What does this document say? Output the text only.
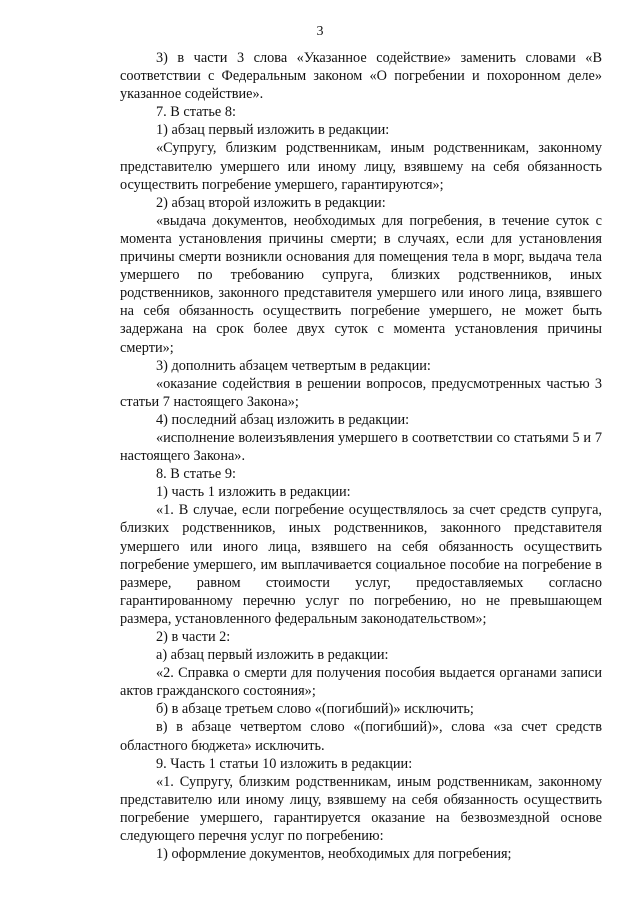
3

3) в части 3 слова «Указанное содействие» заменить словами «В соответствии с Федеральным законом «О погребении и похоронном деле» указанное содействие».

7. В статье 8:

1) абзац первый изложить в редакции:

«Супругу, близким родственникам, иным родственникам, законному представителю умершего или иному лицу, взявшему на себя обязанность осуществить погребение умершего, гарантируются»;

2) абзац второй изложить в редакции:

«выдача документов, необходимых для погребения, в течение суток с момента установления причины смерти; в случаях, если для установления причины смерти возникли основания для помещения тела в морг, выдача тела умершего по требованию супруга, близких родственников, иных родственников, законного представителя умершего или иного лица, взявшего на себя обязанность осуществить погребение умершего, не может быть задержана на срок более двух суток с момента установления причины смерти»;

3) дополнить абзацем четвертым в редакции:

«оказание содействия в решении вопросов, предусмотренных частью 3 статьи 7 настоящего Закона»;

4) последний абзац изложить в редакции:

«исполнение волеизъявления умершего в соответствии со статьями 5 и 7 настоящего Закона».

8. В статье 9:

1) часть 1 изложить в редакции:

«1. В случае, если погребение осуществлялось за счет средств супруга, близких родственников, иных родственников, законного представителя умершего или иного лица, взявшего на себя обязанность осуществить погребение умершего, им выплачивается социальное пособие на погребение в размере, равном стоимости услуг, предоставляемых согласно гарантированному перечню услуг по погребению, но не превышающем размера, установленного федеральным законодательством»;

2) в части 2:

а) абзац первый изложить в редакции:

«2. Справка о смерти для получения пособия выдается органами записи актов гражданского состояния»;

б) в абзаце третьем слово «(погибший)» исключить;

в) в абзаце четвертом слово «(погибший)», слова «за счет средств областного бюджета» исключить.

9. Часть 1 статьи 10 изложить в редакции:

«1. Супругу, близким родственникам, иным родственникам, законному представителю или иному лицу, взявшему на себя обязанность осуществить погребение умершего, гарантируется оказание на безвозмездной основе следующего перечня услуг по погребению:

1) оформление документов, необходимых для погребения;
